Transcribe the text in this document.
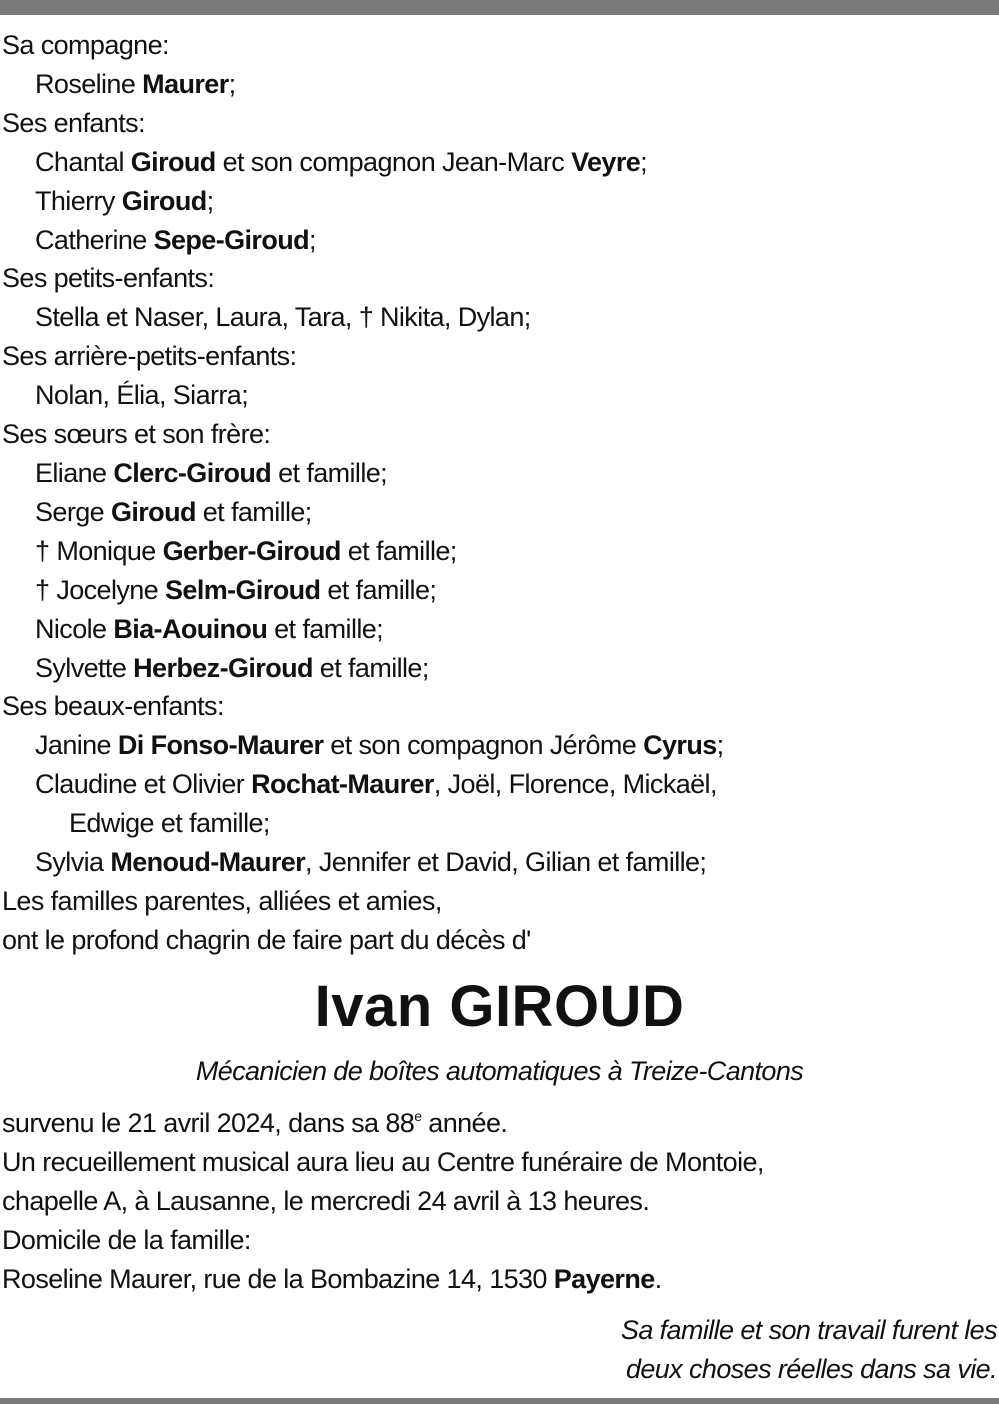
Sa compagne:
Roseline Maurer;
Ses enfants:
Chantal Giroud et son compagnon Jean-Marc Veyre;
Thierry Giroud;
Catherine Sepe-Giroud;
Ses petits-enfants:
Stella et Naser, Laura, Tara, † Nikita, Dylan;
Ses arrière-petits-enfants:
Nolan, Élia, Siarra;
Ses sœurs et son frère:
Eliane Clerc-Giroud et famille;
Serge Giroud et famille;
† Monique Gerber-Giroud et famille;
† Jocelyne Selm-Giroud et famille;
Nicole Bia-Aouinou et famille;
Sylvette Herbez-Giroud et famille;
Ses beaux-enfants:
Janine Di Fonso-Maurer et son compagnon Jérôme Cyrus;
Claudine et Olivier Rochat-Maurer, Joël, Florence, Mickaël,
Edwige et famille;
Sylvia Menoud-Maurer, Jennifer et David, Gilian et famille;
Les familles parentes, alliées et amies,
ont le profond chagrin de faire part du décès d'
Ivan GIROUD
Mécanicien de boîtes automatiques à Treize-Cantons
survenu le 21 avril 2024, dans sa 88e année.
Un recueillement musical aura lieu au Centre funéraire de Montoie,
chapelle A, à Lausanne, le mercredi 24 avril à 13 heures.
Domicile de la famille:
Roseline Maurer, rue de la Bombazine 14, 1530 Payerne.
Sa famille et son travail furent les
deux choses réelles dans sa vie.
